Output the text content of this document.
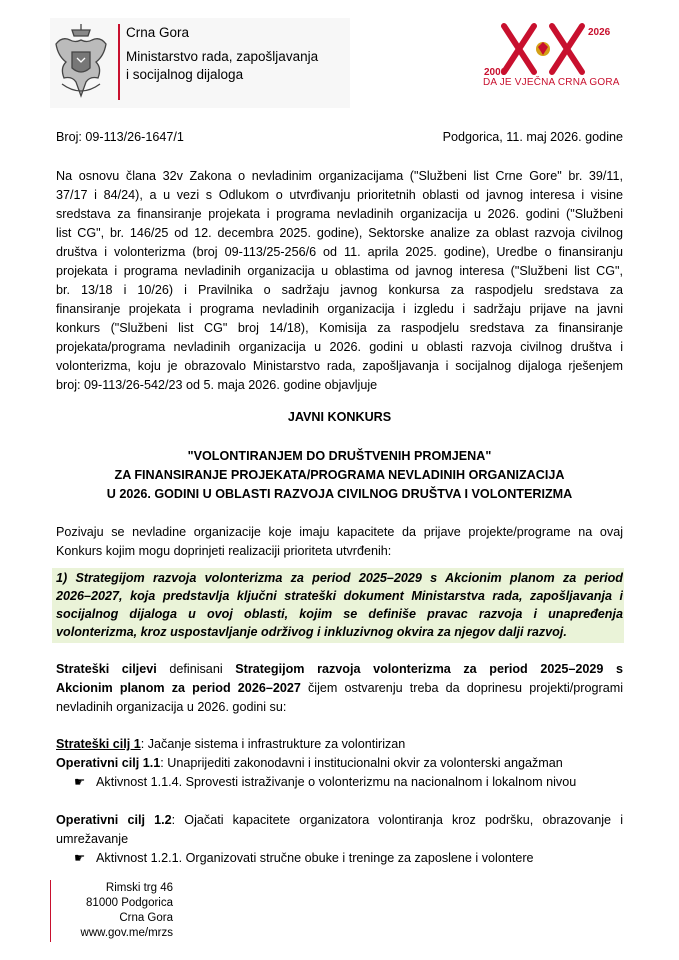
Crna Gora
Ministarstvo rada, zapošljavanja
i socijalnog dijaloga	2006
2026
DA JE VJEČNA CRNA GORA
Broj: 09-113/26-1647/1	Podgorica, 11. maj 2026. godine
Na osnovu člana 32v Zakona o nevladinim organizacijama ("Službeni list Crne Gore" br. 39/11,
37/17 i 84/24), a u vezi s Odlukom o utvrđivanju prioritetnih oblasti od javnog interesa i visine
sredstava za finansiranje projekata i programa nevladinih organizacija u 2026. godini ("Službeni
list CG", br. 146/25 od 12. decembra 2025. godine), Sektorske analize za oblast razvoja civilnog
društva i volonterizma (broj 09-113/25-256/6 od 11. aprila 2025. godine), Uredbe o finansiranju
projekata i programa nevladinih organizacija u oblastima od javnog interesa ("Službeni list CG",
br. 13/18 i 10/26) i Pravilnika o sadržaju javnog konkursa za raspodjelu sredstava za
finansiranje projekata i programa nevladinih organizacija i izgledu i sadržaju prijave na javni
konkurs ("Službeni list CG" broj 14/18), Komisija za raspodjelu sredstava za finansiranje
projekata/programa nevladinih organizacija u 2026. godini u oblasti razvoja civilnog društva i
volonterizma, koju je obrazovalo Ministarstvo rada, zapošljavanja i socijalnog dijaloga rješenjem
broj: 09-113/26-542/23 od 5. maja 2026. godine objavljuje
JAVNI KONKURS
"VOLONTIRANJEM DO DRUŠTVENIH PROMJENA"
ZA FINANSIRANJE PROJEKATA/PROGRAMA NEVLADINIH ORGANIZACIJA
U 2026. GODINI U OBLASTI RAZVOJA CIVILNOG DRUŠTVA I VOLONTERIZMA
Pozivaju se nevladine organizacije koje imaju kapacitete da prijave projekte/programe na ovaj
Konkurs kojim mogu doprinjeti realizaciji prioriteta utvrđenih:
1) Strategijom razvoja volonterizma za period 2025–2029 s Akcionim planom za period
2026–2027, koja predstavlja ključni strateški dokument Ministarstva rada, zapošljavanja i
socijalnog dijaloga u ovoj oblasti, kojim se definiše pravac razvoja i unapređenja
volonterizma, kroz uspostavljanje održivog i inkluzivnog okvira za njegov dalji razvoj.
Strateški ciljevi definisani Strategijom razvoja volonterizma za period 2025–2029 s
Akcionim planom za period 2026–2027 čijem ostvarenju treba da doprinesu projekti/programi
nevladinih organizacija u 2026. godini su:
Strateški cilj 1: Jačanje sistema i infrastrukture za volontirizan
Operativni cilj 1.1: Unaprijediti zakonodavni i institucionalni okvir za volonterski angažman
☛ Aktivnost 1.1.4. Sprovesti istraživanje o volonterizmu na nacionalnom i lokalnom nivou
Operativni cilj 1.2: Ojačati kapacitete organizatora volontiranja kroz podršku, obrazovanje i
umrežavanje
☛ Aktivnost 1.2.1. Organizovati stručne obuke i treninge za zaposlene i volontere
Rimski trg 46
81000 Podgorica
Crna Gora
www.gov.me/mrzs
